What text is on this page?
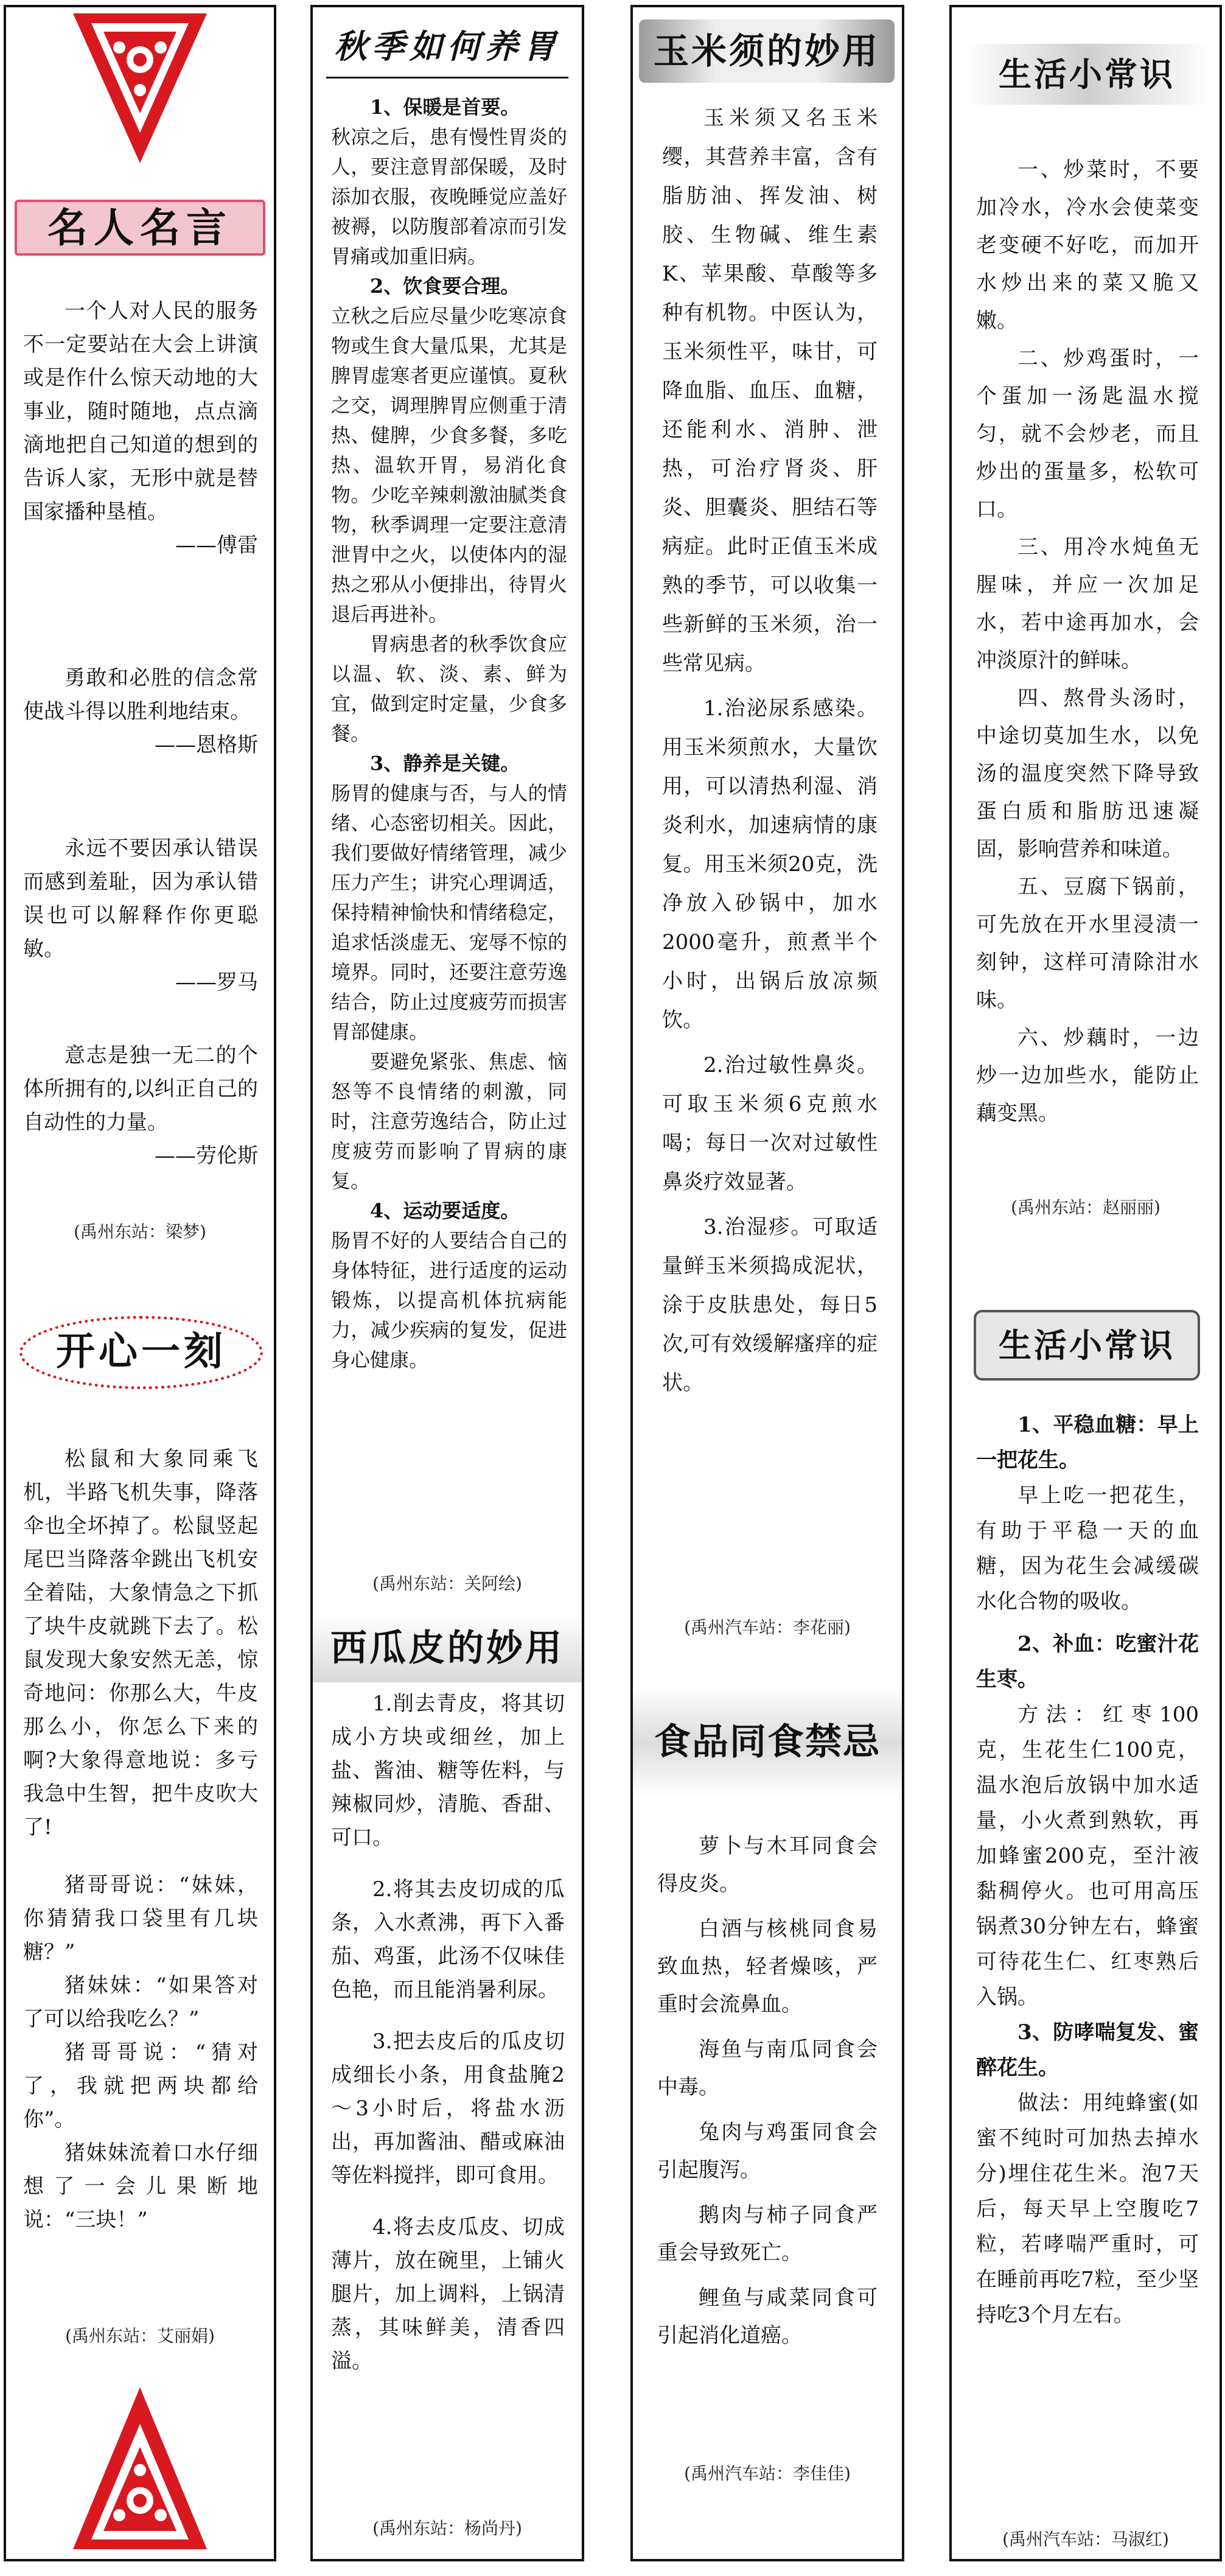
名人名言

一个人对人民的服务不一定要站在大会上讲演或是作什么惊天动地的大事业，随时随地，点点滴滴地把自己知道的想到的告诉人家，无形中就是替国家播种垦植。

——傅雷

勇敢和必胜的信念常使战斗得以胜利地结束。

——恩格斯

永远不要因承认错误而感到羞耻，因为承认错误也可以解释作你更聪敏。

——罗马

意志是独一无二的个体所拥有的,以纠正自己的自动性的力量。

——劳伦斯
(禹州东站：梁梦)
开心一刻

松鼠和大象同乘飞机，半路飞机失事，降落伞也全坏掉了。松鼠竖起尾巴当降落伞跳出飞机安全着陆，大象情急之下抓了块牛皮就跳下去了。松鼠发现大象安然无恙，惊奇地问：你那么大，牛皮那么小，你怎么下来的啊?大象得意地说：多亏我急中生智，把牛皮吹大了!

猪哥哥说：“妹妹，你猜猜我口袋里有几块糖？”

猪妹妹：“如果答对了可以给我吃么？”

猪哥哥说：“猜对了，我就把两块都给你”。

猪妹妹流着口水仔细想了一会儿果断地说：“三块！”

(禹州东站：艾丽娟)
秋季如何养胃
1、保暖是首要。

秋凉之后，患有慢性胃炎的人，要注意胃部保暖，及时添加衣服，夜晚睡觉应盖好被褥，以防腹部着凉而引发胃痛或加重旧病。

2、饮食要合理。

立秋之后应尽量少吃寒凉食物或生食大量瓜果，尤其是脾胃虚寒者更应谨慎。夏秋之交，调理脾胃应侧重于清热、健脾，少食多餐，多吃热、温软开胃，易消化食物。少吃辛辣刺激油腻类食物，秋季调理一定要注意清泄胃中之火，以使体内的湿热之邪从小便排出，待胃火退后再进补。

胃病患者的秋季饮食应以温、软、淡、素、鲜为宜，做到定时定量，少食多餐。

3、静养是关键。

肠胃的健康与否，与人的情绪、心态密切相关。因此，我们要做好情绪管理，减少压力产生；讲究心理调适，保持精神愉快和情绪稳定，追求恬淡虚无、宠辱不惊的境界。同时，还要注意劳逸结合，防止过度疲劳而损害胃部健康。

要避免紧张、焦虑、恼怒等不良情绪的刺激，同时，注意劳逸结合，防止过度疲劳而影响了胃病的康复。

4、运动要适度。

肠胃不好的人要结合自己的身体特征，进行适度的运动锻炼，以提高机体抗病能力，减少疾病的复发，促进身心健康。

(禹州东站：关阿绘)
西瓜皮的妙用

1.削去青皮，将其切成小方块或细丝，加上盐、酱油、糖等佐料，与辣椒同炒，清脆、香甜、可口。

2.将其去皮切成的瓜条，入水煮沸，再下入番茄、鸡蛋，此汤不仅味佳色艳，而且能消暑利尿。

3.把去皮后的瓜皮切成细长小条，用食盐腌2～3小时后，将盐水沥出，再加酱油、醋或麻油等佐料搅拌，即可食用。

4.将去皮瓜皮、切成薄片，放在碗里，上铺火腿片，加上调料，上锅清蒸，其味鲜美，清香四溢。

(禹州东站：杨尚丹)
玉米须的妙用

玉米须又名玉米缨，其营养丰富，含有脂肪油、挥发油、树胶、生物碱、维生素K、苹果酸、草酸等多种有机物。中医认为，玉米须性平，味甘，可降血脂、血压、血糖，还能利水、消肿、泄热，可治疗肾炎、肝炎、胆囊炎、胆结石等病症。此时正值玉米成熟的季节，可以收集一些新鲜的玉米须，治一些常见病。

1.治泌尿系感染。用玉米须煎水，大量饮用，可以清热利湿、消炎利水，加速病情的康复。用玉米须20克，洗净放入砂锅中，加水2000毫升，煎煮半个小时，出锅后放凉频饮。

2.治过敏性鼻炎。可取玉米须6克煎水喝；每日一次对过敏性鼻炎疗效显著。

3.治湿疹。可取适量鲜玉米须捣成泥状，涂于皮肤患处，每日5次,可有效缓解瘙痒的症状。

(禹州汽车站：李花丽)
食品同食禁忌

萝卜与木耳同食会得皮炎。

白酒与核桃同食易致血热，轻者燥咳，严重时会流鼻血。

海鱼与南瓜同食会中毒。

兔肉与鸡蛋同食会引起腹泻。

鹅肉与柿子同食严重会导致死亡。

鲤鱼与咸菜同食可引起消化道癌。

(禹州汽车站：李佳佳)
生活小常识

一、炒菜时，不要加冷水，冷水会使菜变老变硬不好吃，而加开水炒出来的菜又脆又嫩。

二、炒鸡蛋时，一个蛋加一汤匙温水搅匀，就不会炒老，而且炒出的蛋量多，松软可口。

三、用冷水炖鱼无腥味，并应一次加足水，若中途再加水，会冲淡原汁的鲜味。

四、熬骨头汤时，中途切莫加生水，以免汤的温度突然下降导致蛋白质和脂肪迅速凝固，影响营养和味道。

五、豆腐下锅前，可先放在开水里浸渍一刻钟，这样可清除泔水味。

六、炒藕时，一边炒一边加些水，能防止藕变黑。

(禹州东站：赵丽丽)
生活小常识
1、平稳血糖：早上一把花生。

早上吃一把花生，有助于平稳一天的血糖，因为花生会减缓碳水化合物的吸收。

2、补血：吃蜜汁花生枣。

方法：红枣100克，生花生仁100克，温水泡后放锅中加水适量，小火煮到熟软，再加蜂蜜200克，至汁液黏稠停火。也可用高压锅煮30分钟左右，蜂蜜可待花生仁、红枣熟后入锅。

3、防哮喘复发、蜜醉花生。

做法：用纯蜂蜜(如蜜不纯时可加热去掉水分)埋住花生米。泡7天后，每天早上空腹吃7粒，若哮喘严重时，可在睡前再吃7粒，至少坚持吃3个月左右。

(禹州汽车站：马淑红)
